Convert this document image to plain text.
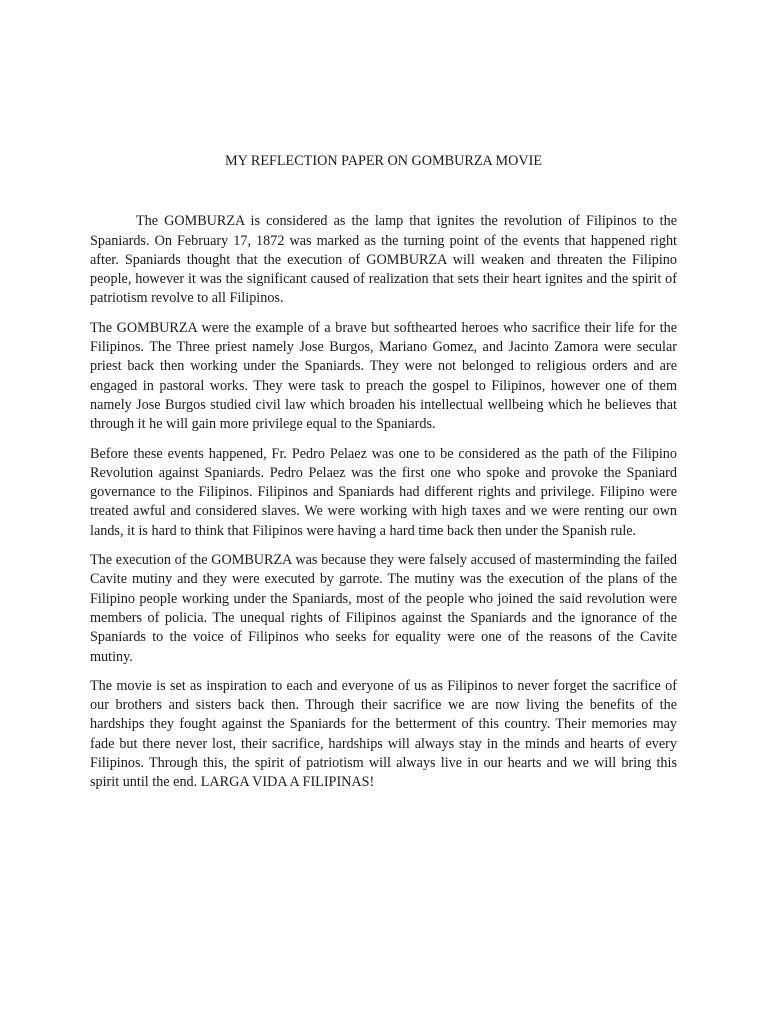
MY REFLECTION PAPER ON GOMBURZA MOVIE

The GOMBURZA is considered as the lamp that ignites the revolution of Filipinos to the Spaniards. On February 17, 1872 was marked as the turning point of the events that happened right after. Spaniards thought that the execution of GOMBURZA will weaken and threaten the Filipino people, however it was the significant caused of realization that sets their heart ignites and the spirit of patriotism revolve to all Filipinos.

The GOMBURZA were the example of a brave but softhearted heroes who sacrifice their life for the Filipinos. The Three priest namely Jose Burgos, Mariano Gomez, and Jacinto Zamora were secular priest back then working under the Spaniards. They were not belonged to religious orders and are engaged in pastoral works. They were task to preach the gospel to Filipinos, however one of them namely Jose Burgos studied civil law which broaden his intellectual wellbeing which he believes that through it he will gain more privilege equal to the Spaniards.

Before these events happened, Fr. Pedro Pelaez was one to be considered as the path of the Filipino Revolution against Spaniards. Pedro Pelaez was the first one who spoke and provoke the Spaniard governance to the Filipinos. Filipinos and Spaniards had different rights and privilege. Filipino were treated awful and considered slaves. We were working with high taxes and we were renting our own lands, it is hard to think that Filipinos were having a hard time back then under the Spanish rule.

The execution of the GOMBURZA was because they were falsely accused of masterminding the failed Cavite mutiny and they were executed by garrote. The mutiny was the execution of the plans of the Filipino people working under the Spaniards, most of the people who joined the said revolution were members of policia. The unequal rights of Filipinos against the Spaniards and the ignorance of the Spaniards to the voice of Filipinos who seeks for equality were one of the reasons of the Cavite mutiny.

The movie is set as inspiration to each and everyone of us as Filipinos to never forget the sacrifice of our brothers and sisters back then. Through their sacrifice we are now living the benefits of the hardships they fought against the Spaniards for the betterment of this country. Their memories may fade but there never lost, their sacrifice, hardships will always stay in the minds and hearts of every Filipinos. Through this, the spirit of patriotism will always live in our hearts and we will bring this spirit until the end. LARGA VIDA A FILIPINAS!
